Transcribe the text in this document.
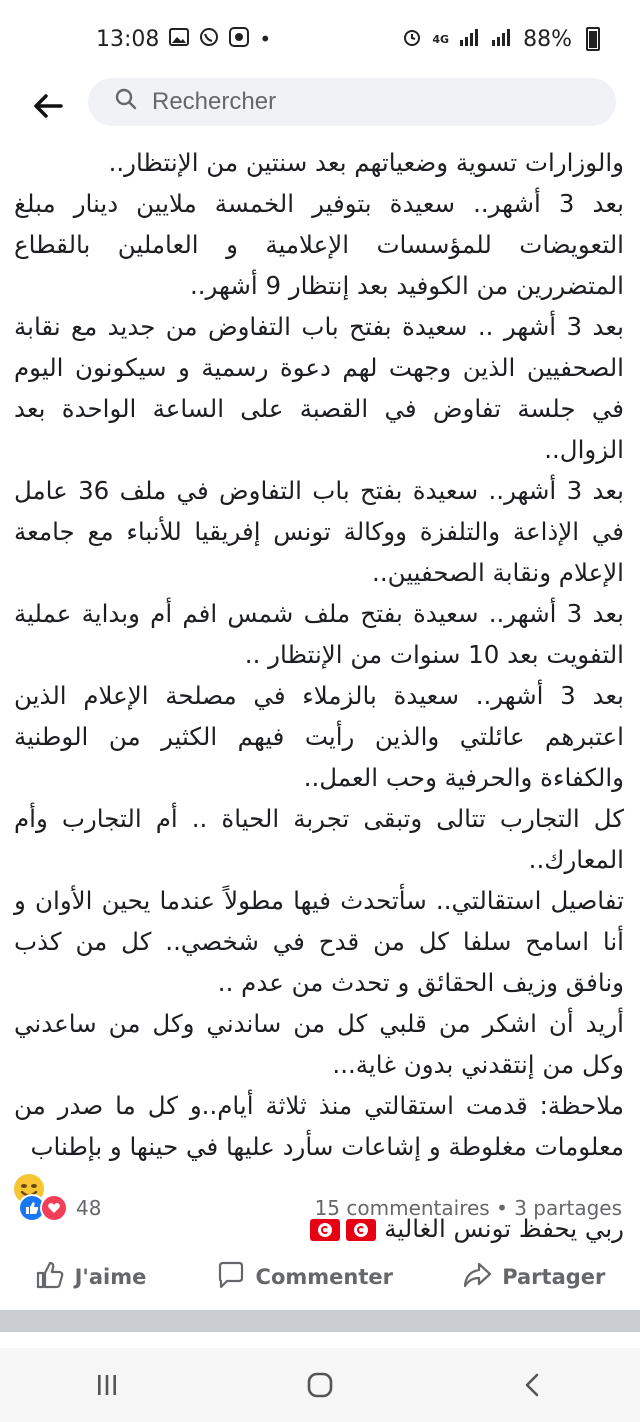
13:08	•	4G	88%
Rechercher

والوزارات تسوية وضعياتهم بعد سنتين من الإنتظار..

بعد 3 أشهر.. سعيدة بتوفير الخمسة ملايين دينار مبلغ التعويضات للمؤسسات الإعلامية و العاملين بالقطاع المتضررين من الكوفيد بعد إنتظار 9 أشهر..

بعد 3 أشهر .. سعيدة بفتح باب التفاوض من جديد مع نقابة الصحفيين الذين وجهت لهم دعوة رسمية و سيكونون اليوم في جلسة تفاوض في القصبة على الساعة الواحدة بعد الزوال..

بعد 3 أشهر.. سعيدة بفتح باب التفاوض في ملف 36 عامل في الإذاعة والتلفزة ووكالة تونس إفريقيا للأنباء مع جامعة الإعلام ونقابة الصحفيين..

بعد 3 أشهر.. سعيدة بفتح ملف شمس افم أم وبداية عملية التفويت بعد 10 سنوات من الإنتظار ..

بعد 3 أشهر.. سعيدة بالزملاء في مصلحة الإعلام الذين اعتبرهم عائلتي والذين رأيت فيهم الكثير من الوطنية والكفاءة والحرفية وحب العمل..

كل التجارب تتالى وتبقى تجربة الحياة .. أم التجارب وأم المعارك..

تفاصيل استقالتي.. سأتحدث فيها مطولاً عندما يحين الأوان و أنا اسامح سلفا كل من قدح في شخصي.. كل من كذب ونافق وزيف الحقائق و تحدث من عدم ..

أريد أن اشكر من قلبي كل من ساندني وكل من ساعدني وكل من إنتقدني بدون غاية...

ملاحظة: قدمت استقالتي منذ ثلاثة أيام..و كل ما صدر من معلومات مغلوطة و إشاعات سأرد عليها في حينها و بإطناب

ربي يحفظ تونس الغالية

48	15 commentaires • 3 partages
J'aime	Commenter	Partager
